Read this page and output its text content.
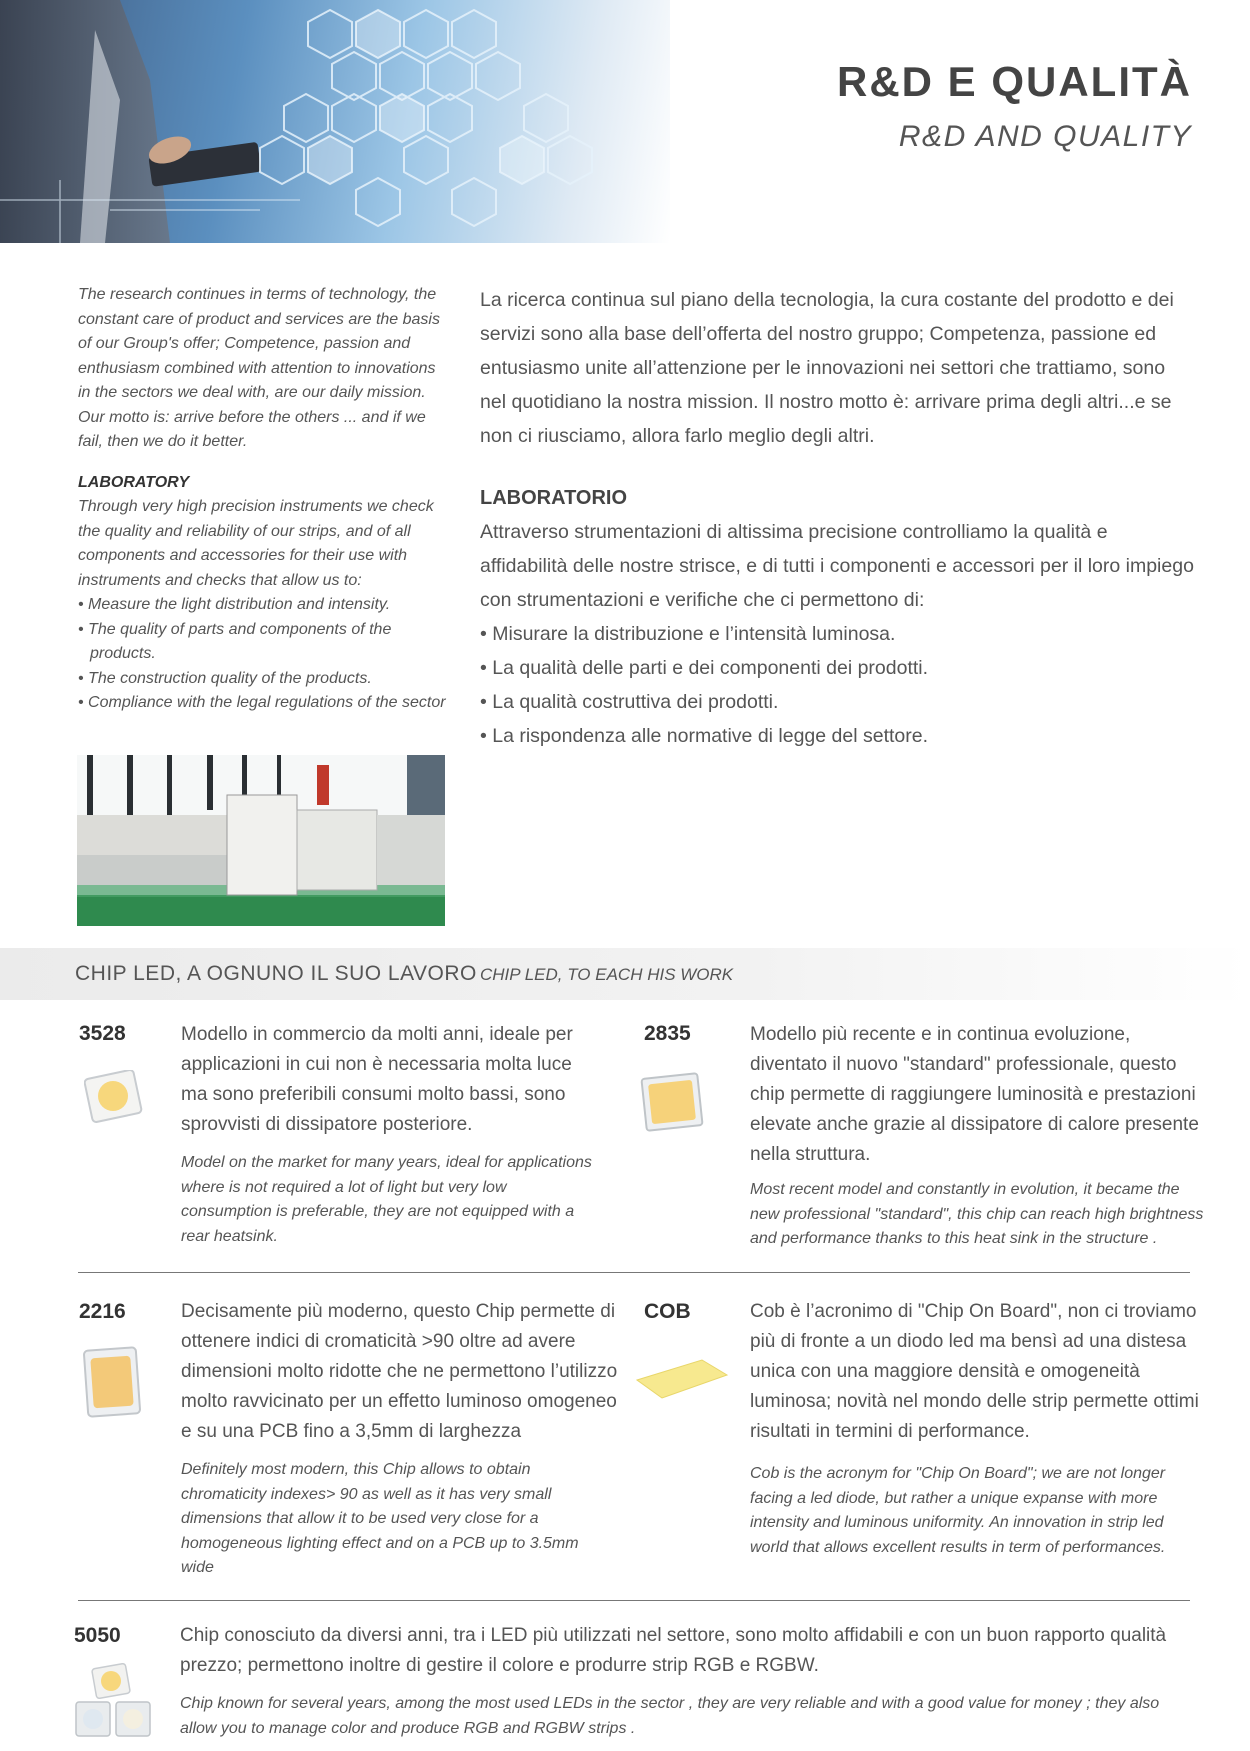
R&D E QUALITÀ
R&D AND QUALITY

The research continues in terms of technology, the constant care of product and services are the basis of our Group's offer; Competence, passion and enthusiasm combined with attention to innovations in the sectors we deal with, are our daily mission. Our motto is: arrive before the others ... and if we fail, then we do it better.

LABORATORY

Through very high precision instruments we check the quality and reliability of our strips, and of all components and accessories for their use with instruments and checks that allow us to:

• Measure the light distribution and intensity.
• The quality of parts and components of the products.
• The construction quality of the products.
• Compliance with the legal regulations of the sector

La ricerca continua sul piano della tecnologia, la cura costante del prodotto e dei servizi sono alla base dell’offerta del nostro gruppo; Competenza, passione ed entusiasmo unite all’attenzione per le innovazioni nei settori che trattiamo, sono nel quotidiano la nostra mission. Il nostro motto è: arrivare prima degli altri...e se non ci riusciamo, allora farlo meglio degli altri.

LABORATORIO

Attraverso strumentazioni di altissima precisione controlliamo la qualità e affidabilità delle nostre strisce, e di tutti i componenti e accessori per il loro impiego con strumentazioni e verifiche che ci permettono di:

• Misurare la distribuzione e l’intensità luminosa.
• La qualità delle parti e dei componenti dei prodotti.
• La qualità costruttiva dei prodotti.
• La rispondenza alle normative di legge del settore.
CHIP LED, A OGNUNO IL SUO LAVORO CHIP LED, TO EACH HIS WORK
3528	Modello in commercio da molti anni, ideale per applicazioni in cui non è necessaria molta luce ma sono preferibili consumi molto bassi, sono sprovvisti di dissipatore posteriore.
Model on the market for many years, ideal for applications where is not required a lot of light but very low consumption is preferable, they are not equipped with a rear heatsink.
2835	Modello più recente e in continua evoluzione, diventato il nuovo "standard" professionale, questo chip permette di raggiungere luminosità e prestazioni elevate anche grazie al dissipatore di calore presente nella struttura.
Most recent model and constantly in evolution, it became the new professional "standard", this chip can reach high brightness and performance thanks to this heat sink in the structure .
2216	Decisamente più moderno, questo Chip permette di ottenere indici di cromaticità >90 oltre ad avere dimensioni molto ridotte che ne permettono l’utilizzo molto ravvicinato per un effetto luminoso omogeneo e su una PCB fino a 3,5mm di larghezza
Definitely most modern, this Chip allows to obtain chromaticity indexes> 90 as well as it has very small dimensions that allow it to be used very close for a homogeneous lighting effect and on a PCB up to 3.5mm wide
COB	Cob è l’acronimo di "Chip On Board", non ci troviamo più di fronte a un diodo led ma bensì ad una distesa unica con una maggiore densità e omogeneità luminosa; novità nel mondo delle strip permette ottimi risultati in termini di performance.
Cob is the acronym for "Chip On Board"; we are not longer facing a led diode, but rather a unique expanse with more intensity and luminous uniformity. An innovation in strip led world that allows excellent results in term of performances.
5050	Chip conosciuto da diversi anni, tra i LED più utilizzati nel settore, sono molto affidabili e con un buon rapporto qualità prezzo; permettono inoltre di gestire il colore e produrre strip RGB e RGBW.
Chip known for several years, among the most used LEDs in the sector , they are very reliable and with a good value for money ; they also allow you to manage color and produce RGB and RGBW strips .
